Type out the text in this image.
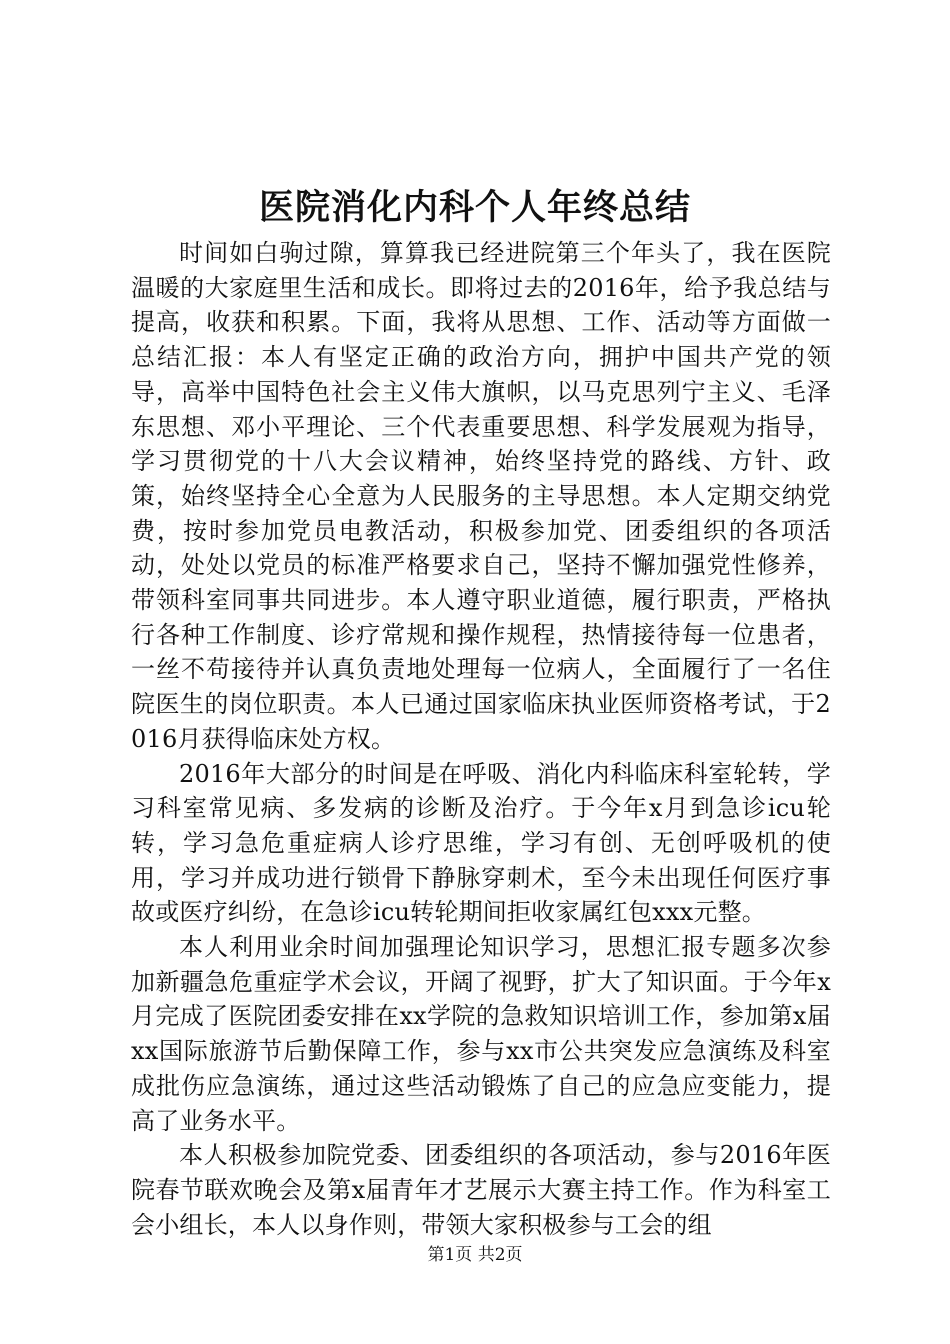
医院消化内科个人年终总结

时间如白驹过隙，算算我已经进院第三个年头了，我在医院温暖的大家庭里生活和成长。即将过去的2016年，给予我总结与提高，收获和积累。下面，我将从思想、工作、活动等方面做一总结汇报：本人有坚定正确的政治方向，拥护中国共产党的领导，高举中国特色社会主义伟大旗帜，以马克思列宁主义、毛泽东思想、邓小平理论、三个代表重要思想、科学发展观为指导，学习贯彻党的十八大会议精神，始终坚持党的路线、方针、政策，始终坚持全心全意为人民服务的主导思想。本人定期交纳党费，按时参加党员电教活动，积极参加党、团委组织的各项活动，处处以党员的标准严格要求自己，坚持不懈加强党性修养，带领科室同事共同进步。本人遵守职业道德，履行职责，严格执行各种工作制度、诊疗常规和操作规程，热情接待每一位患者，一丝不苟接待并认真负责地处理每一位病人，全面履行了一名住院医生的岗位职责。本人已通过国家临床执业医师资格考试，于2016月获得临床处方权。

2016年大部分的时间是在呼吸、消化内科临床科室轮转，学习科室常见病、多发病的诊断及治疗。于今年x月到急诊icu轮转，学习急危重症病人诊疗思维，学习有创、无创呼吸机的使用，学习并成功进行锁骨下静脉穿刺术，至今未出现任何医疗事故或医疗纠纷，在急诊icu转轮期间拒收家属红包xxx元整。

本人利用业余时间加强理论知识学习，思想汇报专题多次参加新疆急危重症学术会议，开阔了视野，扩大了知识面。于今年x月完成了医院团委安排在xx学院的急救知识培训工作，参加第x届xx国际旅游节后勤保障工作，参与xx市公共突发应急演练及科室成批伤应急演练，通过这些活动锻炼了自己的应急应变能力，提高了业务水平。

本人积极参加院党委、团委组织的各项活动，参与2016年医院春节联欢晚会及第x届青年才艺展示大赛主持工作。作为科室工会小组长，本人以身作则，带领大家积极参与工会的组

第1页 共2页
